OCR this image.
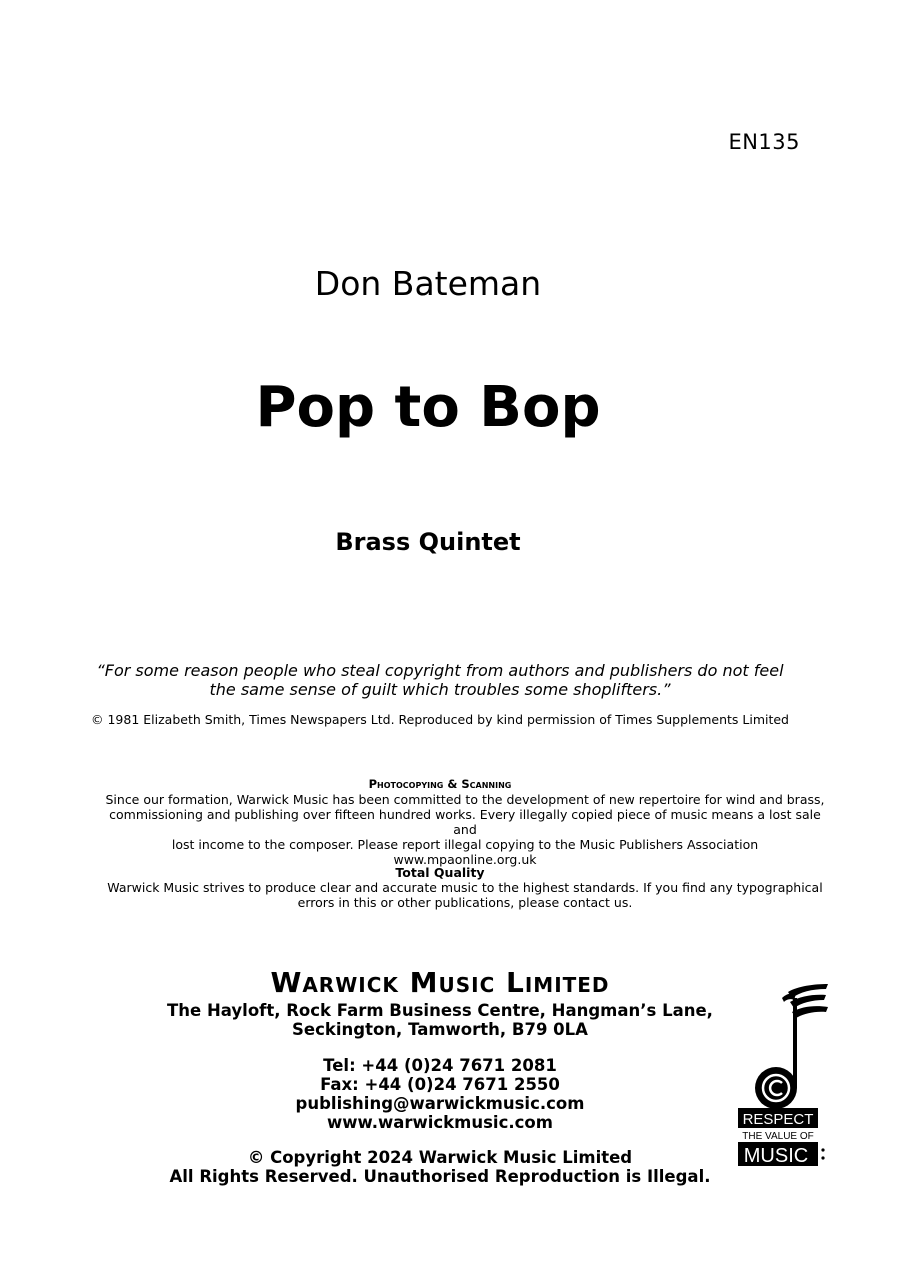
EN135
Don Bateman
Pop to Bop
Brass Quintet
“For some reason people who steal copyright from authors and publishers do not feel
the same sense of guilt which troubles some shoplifters.”
© 1981 Elizabeth Smith, Times Newspapers Ltd. Reproduced by kind permission of Times Supplements Limited
Photocopying & Scanning
Since our formation, Warwick Music has been committed to the development of new repertoire for wind and brass,
commissioning and publishing over fifteen hundred works. Every illegally copied piece of music means a lost sale and
lost income to the composer. Please report illegal copying to the Music Publishers Association www.mpaonline.org.uk
Total Quality
Warwick Music strives to produce clear and accurate music to the highest standards. If you find any typographical
errors in this or other publications, please contact us.
Warwick Music Limited
The Hayloft, Rock Farm Business Centre, Hangman’s Lane,
Seckington, Tamworth, B79 0LA
Tel: +44 (0)24 7671 2081
Fax: +44 (0)24 7671 2550
publishing@warwickmusic.com
www.warwickmusic.com
© Copyright 2024 Warwick Music Limited
All Rights Reserved. Unauthorised Reproduction is Illegal.
RESPECT
THE VALUE OF
MUSIC
